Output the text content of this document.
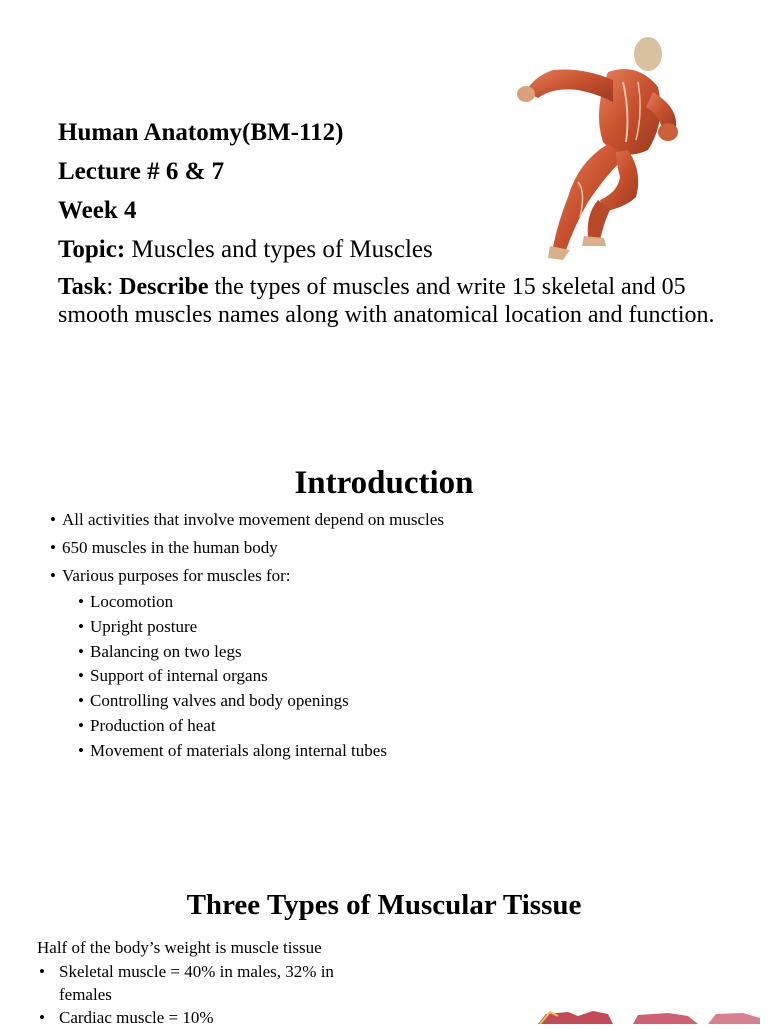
Human Anatomy(BM-112)
Lecture # 6 & 7
Week 4
Topic: Muscles and types of Muscles
Task: Describe the types of muscles and write 15 skeletal and 05 smooth muscles names along with anatomical location and function.
Introduction
• All activities that involve movement depend on muscles
• 650 muscles in the human body
• Various purposes for muscles for:
• Locomotion
• Upright posture
• Balancing on two legs
• Support of internal organs
• Controlling valves and body openings
• Production of heat
• Movement of materials along internal tubes
Three Types of Muscular Tissue
Half of the body’s weight is muscle tissue
• Skeletal muscle = 40% in males, 32% in females
• Cardiac muscle = 10%
